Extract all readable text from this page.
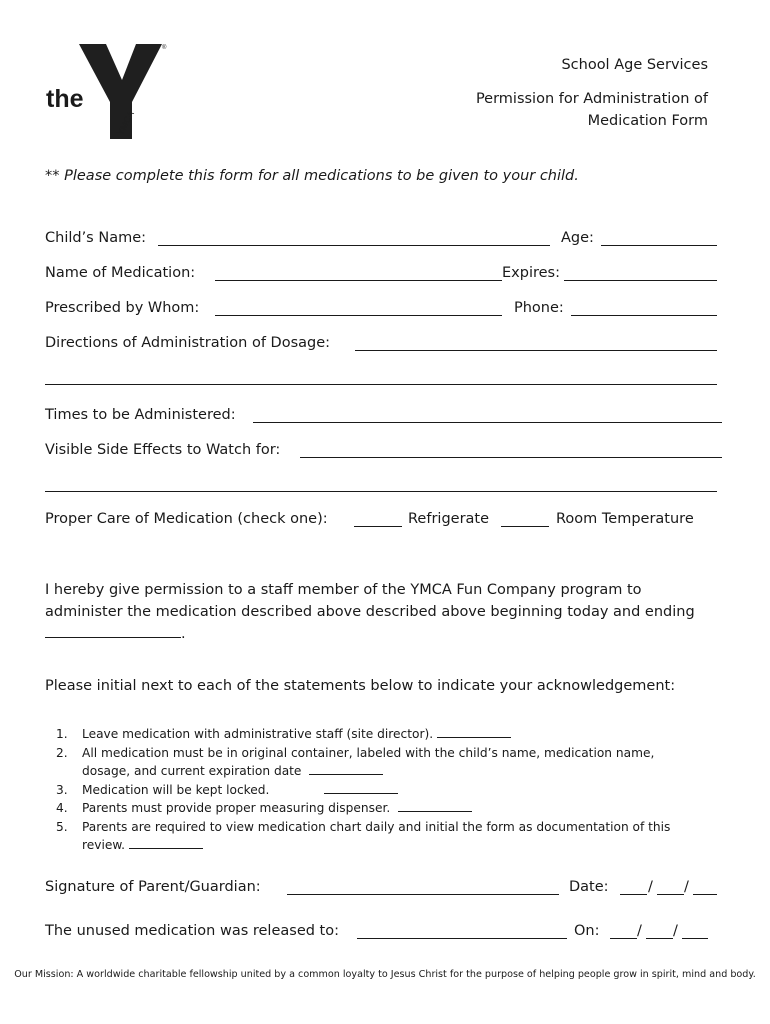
the
YMCA
®
School Age Services
Permission for Administration of
Medication Form
** Please complete this form for all medications to be given to your child.
Child’s Name:	Age:
Name of Medication:	Expires:
Prescribed by Whom:	Phone:
Directions of Administration of Dosage:
Times to be Administered:
Visible Side Effects to Watch for:
Proper Care of Medication (check one):	Refrigerate	Room Temperature
I hereby give permission to a staff member of the YMCA Fun Company program to
administer the medication described above described above beginning today and ending
.
Please initial next to each of the statements below to indicate your acknowledgement:
1.	Leave medication with administrative staff (site director).
2.	All medication must be in original container, labeled with the child’s name, medication name,
dosage, and current expiration date
3.	Medication will be kept locked.
4.	Parents must provide proper measuring dispenser.
5.	Parents are required to view medication chart daily and initial the form as documentation of this
review.
Signature of Parent/Guardian:	Date:	/ /
The unused medication was released to:	On:	/ /
Our Mission: A worldwide charitable fellowship united by a common loyalty to Jesus Christ for the purpose of helping people grow in spirit, mind and body.
